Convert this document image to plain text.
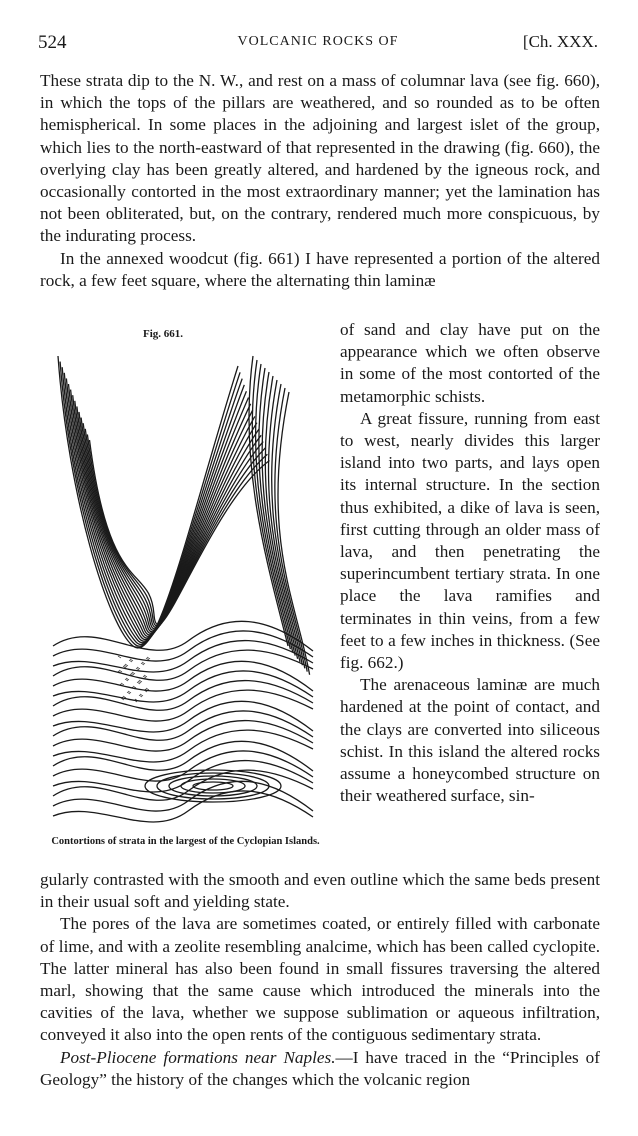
524	VOLCANIC ROCKS OF	[Ch. XXX.

These strata dip to the N. W., and rest on a mass of columnar lava (see fig. 660), in which the tops of the pillars are weathered, and so rounded as to be often hemispherical. In some places in the adjoining and largest islet of the group, which lies to the north-eastward of that represented in the drawing (fig. 660), the overlying clay has been greatly altered, and hardened by the igneous rock, and occasionally contorted in the most extraordinary manner; yet the lamination has not been obliterated, but, on the contrary, rendered much more conspicuous, by the indurating process.

In the annexed woodcut (fig. 661) I have represented a portion of the altered rock, a few feet square, where the alternating thin laminæ

Fig. 661.
Contortions of strata in the largest of the Cyclopian Islands.

of sand and clay have put on the appearance which we often observe in some of the most contorted of the metamorphic schists.

A great fissure, running from east to west, nearly divides this larger island into two parts, and lays open its internal structure. In the section thus exhibited, a dike of lava is seen, first cutting through an older mass of lava, and then penetrating the superincumbent tertiary strata. In one place the lava ramifies and terminates in thin veins, from a few feet to a few inches in thickness. (See fig. 662.)

The arenaceous laminæ are much hardened at the point of contact, and the clays are converted into siliceous schist. In this island the altered rocks assume a honeycombed structure on their weathered surface, sin-

gularly contrasted with the smooth and even outline which the same beds present in their usual soft and yielding state.

The pores of the lava are sometimes coated, or entirely filled with carbonate of lime, and with a zeolite resembling analcime, which has been called cyclopite. The latter mineral has also been found in small fissures traversing the altered marl, showing that the same cause which introduced the minerals into the cavities of the lava, whether we suppose sublimation or aqueous infiltration, conveyed it also into the open rents of the contiguous sedimentary strata.

Post-Pliocene formations near Naples.—I have traced in the “Principles of Geology” the history of the changes which the volcanic region
